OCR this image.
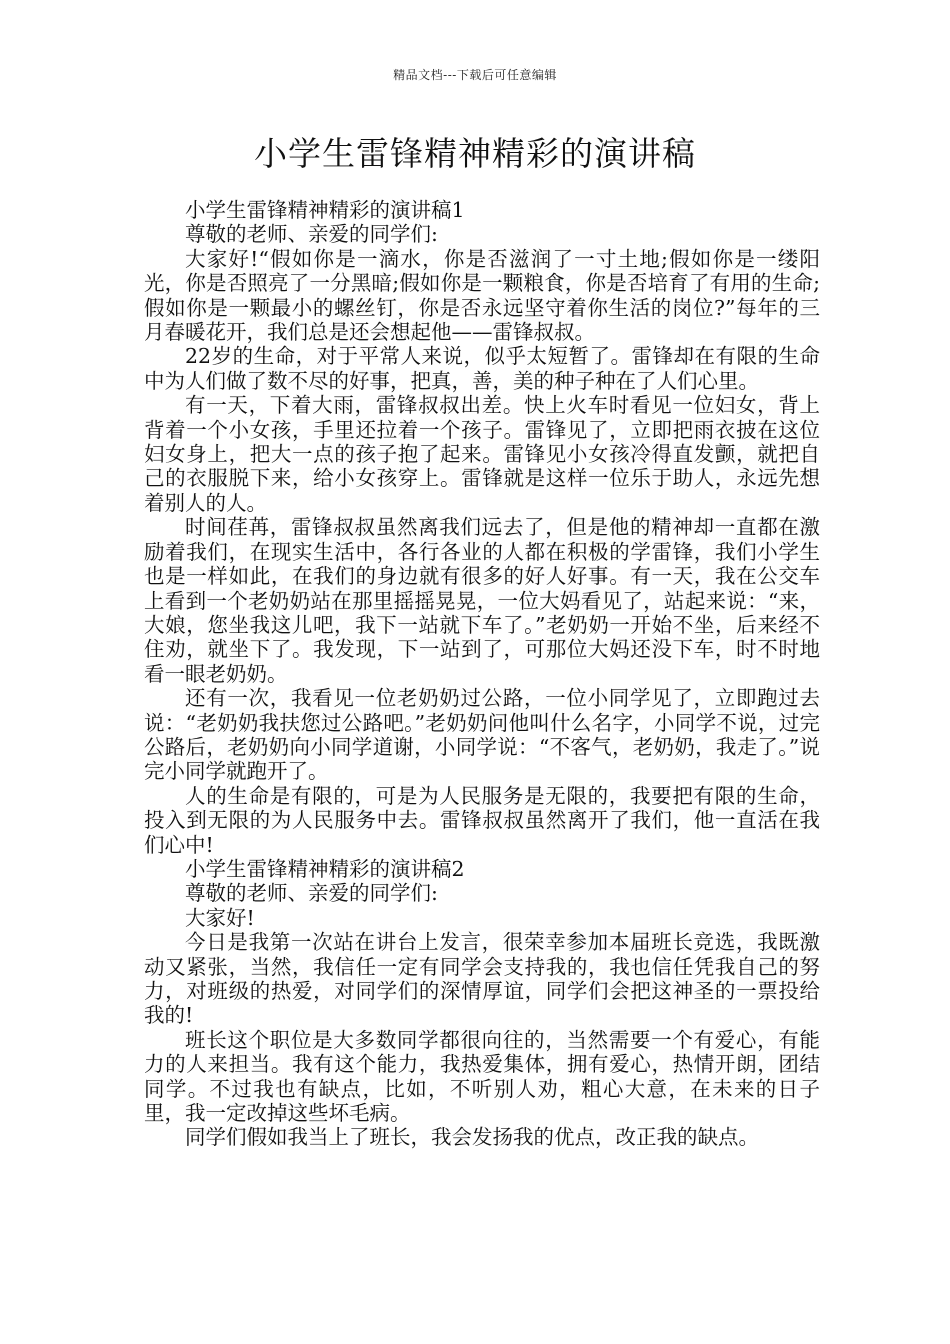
精品文档---下载后可任意编辑
小学生雷锋精神精彩的演讲稿

小学生雷锋精神精彩的演讲稿1

尊敬的老师、亲爱的同学们:

大家好!“假如你是一滴水，你是否滋润了一寸土地;假如你是一缕阳光，你是否照亮了一分黑暗;假如你是一颗粮食，你是否培育了有用的生命;假如你是一颗最小的螺丝钉，你是否永远坚守着你生活的岗位?”每年的三月春暖花开，我们总是还会想起他——雷锋叔叔。

22岁的生命，对于平常人来说，似乎太短暂了。雷锋却在有限的生命中为人们做了数不尽的好事，把真，善，美的种子种在了人们心里。

有一天，下着大雨，雷锋叔叔出差。快上火车时看见一位妇女，背上背着一个小女孩，手里还拉着一个孩子。雷锋见了，立即把雨衣披在这位妇女身上，把大一点的孩子抱了起来。雷锋见小女孩冷得直发颤，就把自己的衣服脱下来，给小女孩穿上。雷锋就是这样一位乐于助人，永远先想着别人的人。

时间荏苒，雷锋叔叔虽然离我们远去了，但是他的精神却一直都在激励着我们，在现实生活中，各行各业的人都在积极的学雷锋，我们小学生也是一样如此，在我们的身边就有很多的好人好事。有一天，我在公交车上看到一个老奶奶站在那里摇摇晃晃，一位大妈看见了，站起来说：“来，大娘，您坐我这儿吧，我下一站就下车了。”老奶奶一开始不坐，后来经不住劝，就坐下了。我发现，下一站到了，可那位大妈还没下车，时不时地看一眼老奶奶。

还有一次，我看见一位老奶奶过公路，一位小同学见了，立即跑过去说：“老奶奶我扶您过公路吧。”老奶奶问他叫什么名字，小同学不说，过完公路后，老奶奶向小同学道谢，小同学说：“不客气，老奶奶，我走了。”说完小同学就跑开了。

人的生命是有限的，可是为人民服务是无限的，我要把有限的生命，投入到无限的为人民服务中去。雷锋叔叔虽然离开了我们，他一直活在我们心中!

小学生雷锋精神精彩的演讲稿2

尊敬的老师、亲爱的同学们:

大家好!

今日是我第一次站在讲台上发言，很荣幸参加本届班长竞选，我既激动又紧张，当然，我信任一定有同学会支持我的，我也信任凭我自己的努力，对班级的热爱，对同学们的深情厚谊，同学们会把这神圣的一票投给我的!

班长这个职位是大多数同学都很向往的，当然需要一个有爱心，有能力的人来担当。我有这个能力，我热爱集体，拥有爱心，热情开朗，团结同学。不过我也有缺点，比如，不听别人劝，粗心大意，在未来的日子里，我一定改掉这些坏毛病。

同学们假如我当上了班长，我会发扬我的优点，改正我的缺点。
